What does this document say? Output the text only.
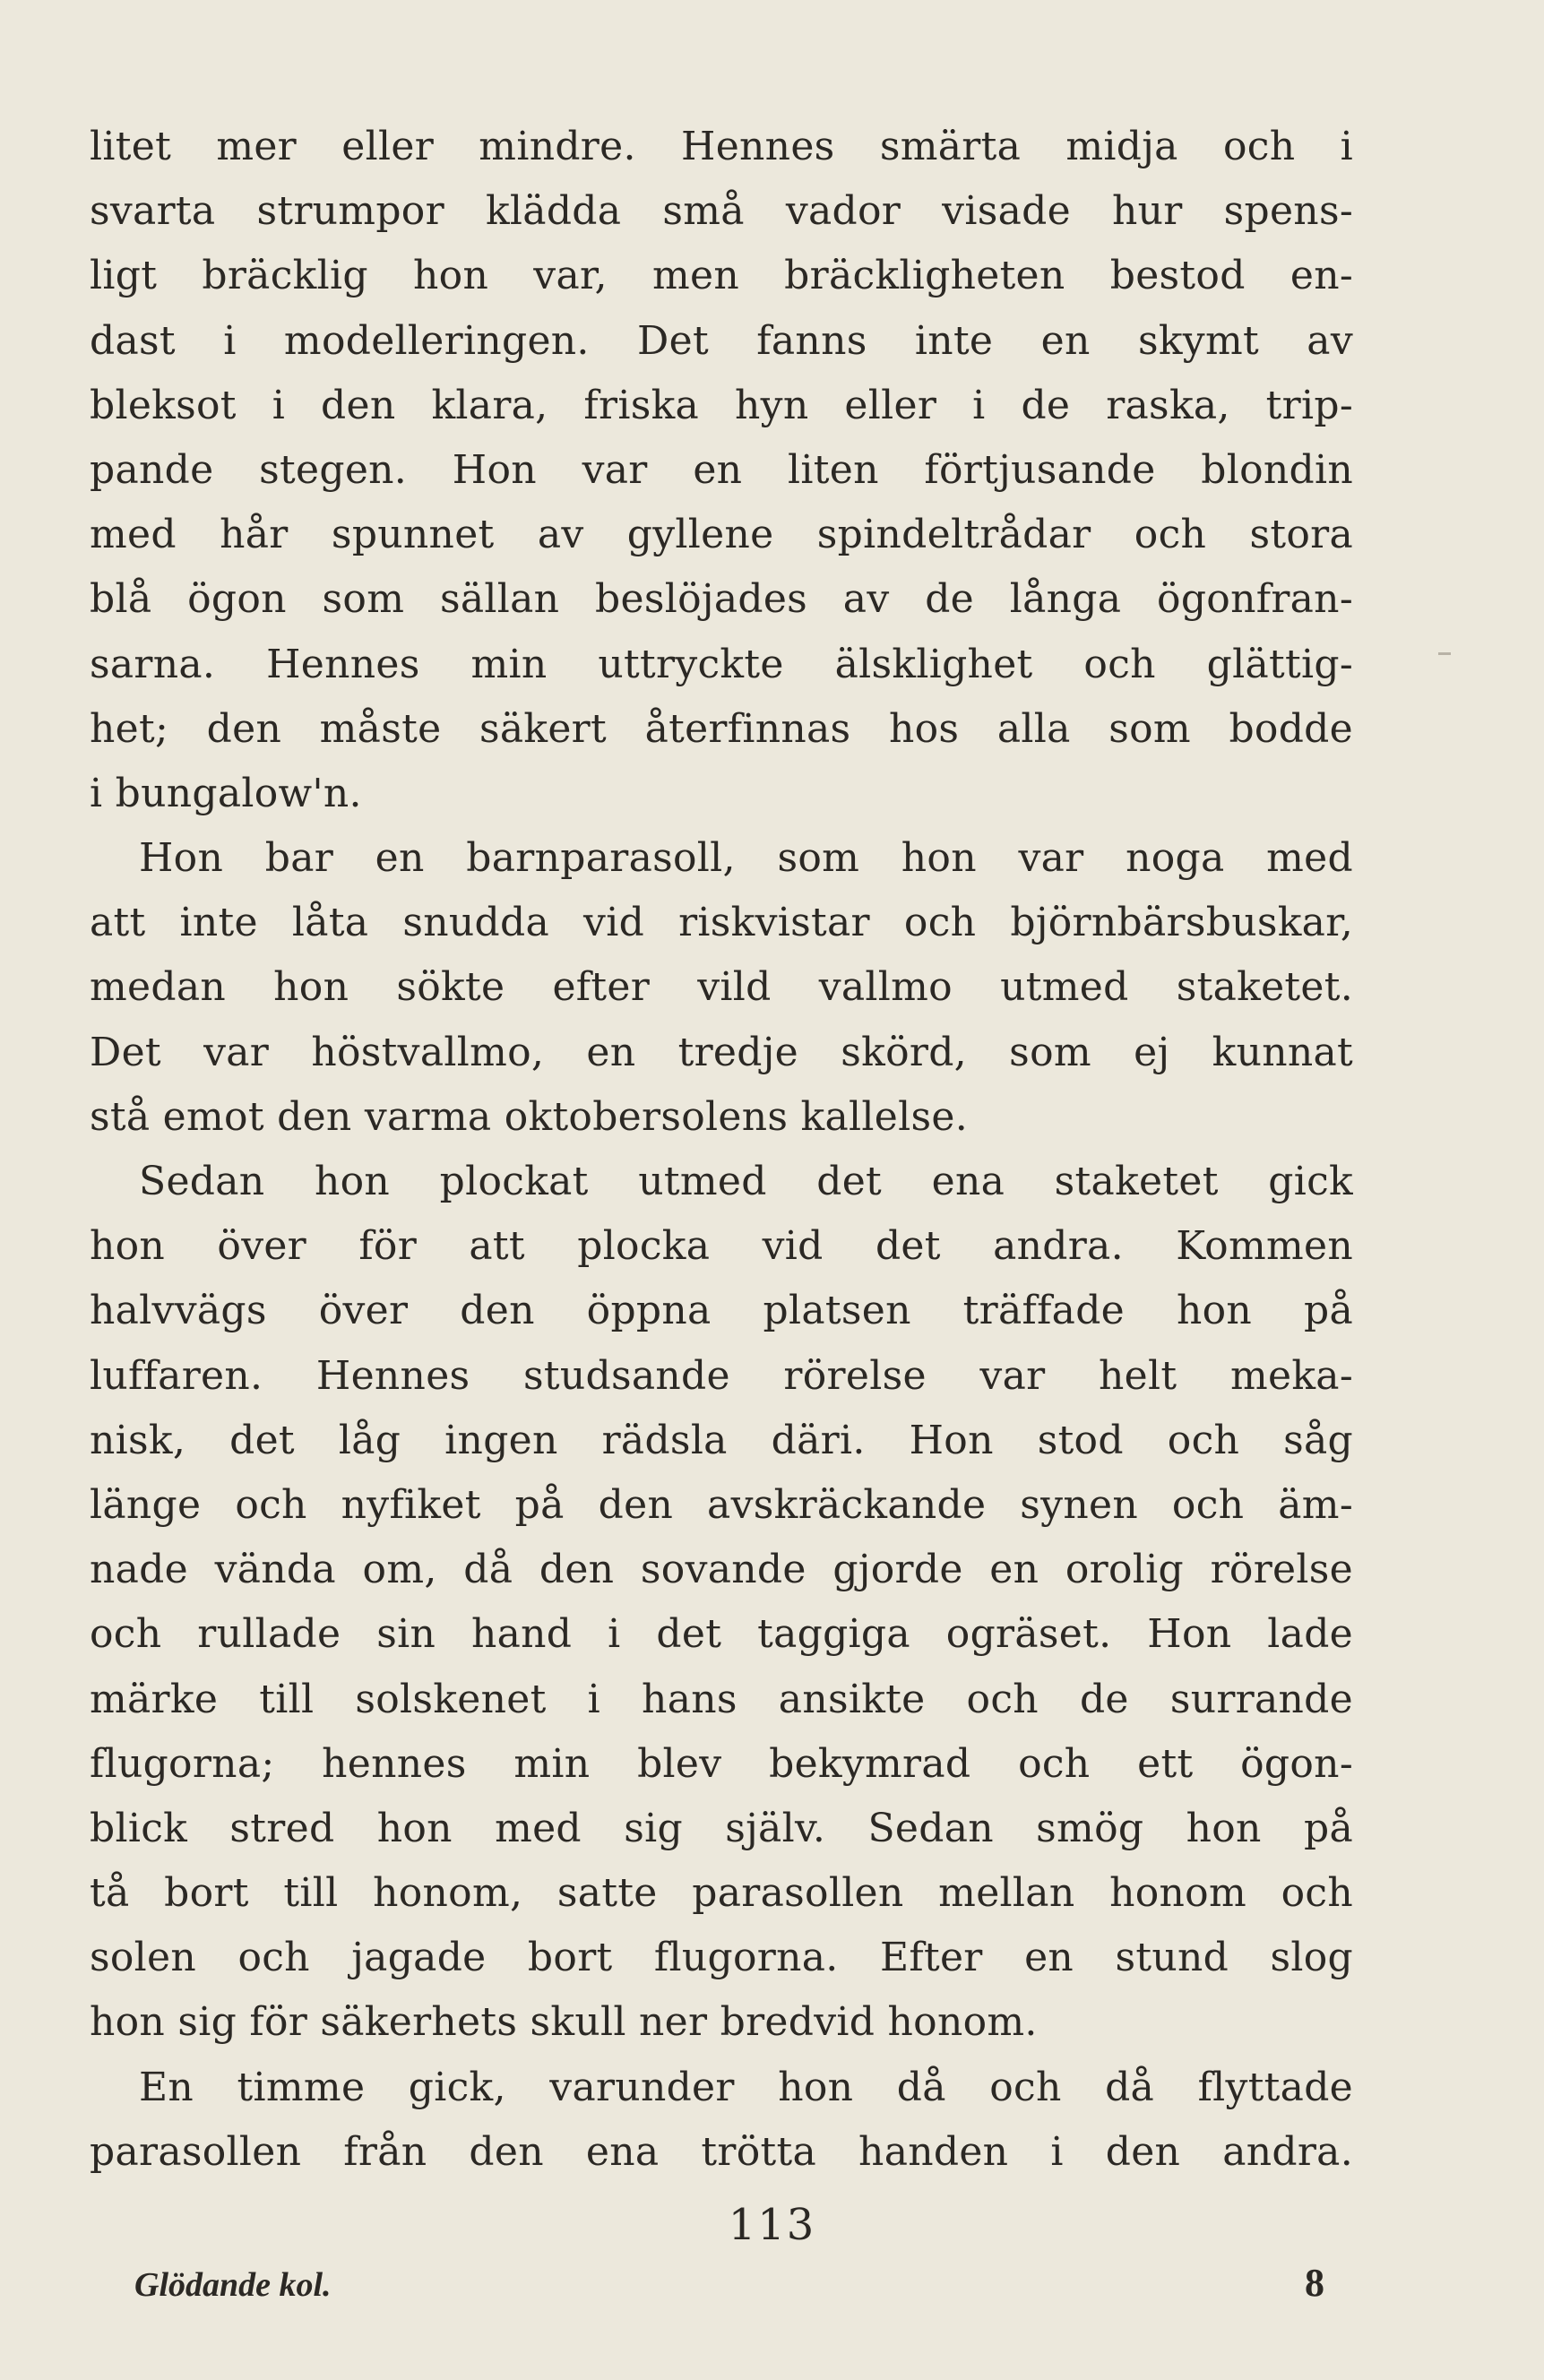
litet mer eller mindre. Hennes smärta midja och i
svarta strumpor klädda små vador visade hur spens-
ligt bräcklig hon var, men bräckligheten bestod en-
dast i modelleringen. Det fanns inte en skymt av
bleksot i den klara, friska hyn eller i de raska, trip-
pande stegen. Hon var en liten förtjusande blondin
med hår spunnet av gyllene spindeltrådar och stora
blå ögon som sällan beslöjades av de långa ögonfran-
sarna. Hennes min uttryckte älsklighet och glättig-
het; den måste säkert återfinnas hos alla som bodde
i bungalow'n.
Hon bar en barnparasoll, som hon var noga med
att inte låta snudda vid riskvistar och björnbärsbuskar,
medan hon sökte efter vild vallmo utmed staketet.
Det var höstvallmo, en tredje skörd, som ej kunnat
stå emot den varma oktobersolens kallelse.
Sedan hon plockat utmed det ena staketet gick
hon över för att plocka vid det andra. Kommen
halvvägs över den öppna platsen träffade hon på
luffaren. Hennes studsande rörelse var helt meka-
nisk, det låg ingen rädsla däri. Hon stod och såg
länge och nyfiket på den avskräckande synen och äm-
nade vända om, då den sovande gjorde en orolig rörelse
och rullade sin hand i det taggiga ogräset. Hon lade
märke till solskenet i hans ansikte och de surrande
flugorna; hennes min blev bekymrad och ett ögon-
blick stred hon med sig själv. Sedan smög hon på
tå bort till honom, satte parasollen mellan honom och
solen och jagade bort flugorna. Efter en stund slog
hon sig för säkerhets skull ner bredvid honom.
En timme gick, varunder hon då och då flyttade
parasollen från den ena trötta handen i den andra.
113
Glödande kol.	8
